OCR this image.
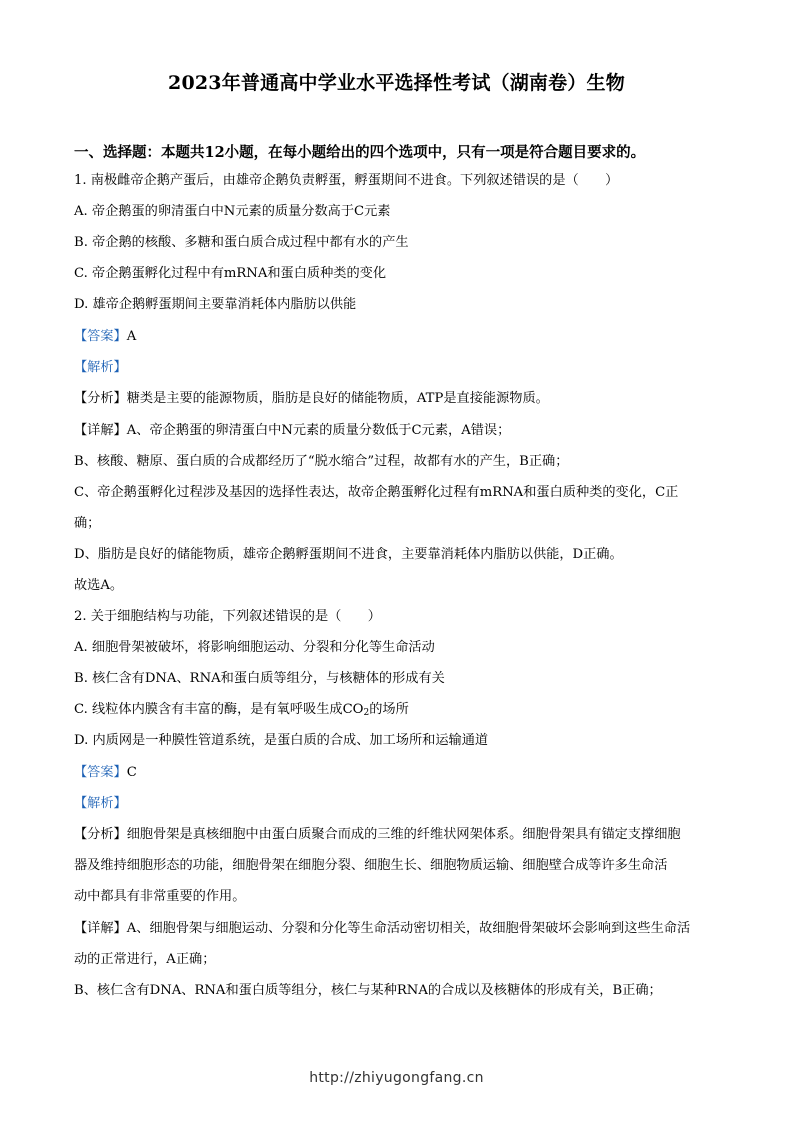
2023年普通高中学业水平选择性考试（湖南卷）生物
一、选择题：本题共12小题，在每小题给出的四个选项中，只有一项是符合题目要求的。
1. 南极雌帝企鹅产蛋后，由雄帝企鹅负责孵蛋，孵蛋期间不进食。下列叙述错误的是（　　）
A. 帝企鹅蛋的卵清蛋白中N元素的质量分数高于C元素
B. 帝企鹅的核酸、多糖和蛋白质合成过程中都有水的产生
C. 帝企鹅蛋孵化过程中有mRNA和蛋白质种类的变化
D. 雄帝企鹅孵蛋期间主要靠消耗体内脂肪以供能
【答案】A
【解析】
【分析】糖类是主要的能源物质，脂肪是良好的储能物质，ATP是直接能源物质。
【详解】A、帝企鹅蛋的卵清蛋白中N元素的质量分数低于C元素，A错误；
B、核酸、糖原、蛋白质的合成都经历了“脱水缩合”过程，故都有水的产生，B正确；
C、帝企鹅蛋孵化过程涉及基因的选择性表达，故帝企鹅蛋孵化过程有mRNA和蛋白质种类的变化，C正
确；
D、脂肪是良好的储能物质，雄帝企鹅孵蛋期间不进食，主要靠消耗体内脂肪以供能，D正确。
故选A。
2. 关于细胞结构与功能，下列叙述错误的是（　　）
A. 细胞骨架被破坏，将影响细胞运动、分裂和分化等生命活动
B. 核仁含有DNA、RNA和蛋白质等组分，与核糖体的形成有关
C. 线粒体内膜含有丰富的酶，是有氧呼吸生成$CO_2$的场所
D. 内质网是一种膜性管道系统，是蛋白质的合成、加工场所和运输通道
【答案】C
【解析】
【分析】细胞骨架是真核细胞中由蛋白质聚合而成的三维的纤维状网架体系。细胞骨架具有锚定支撑细胞
器及维持细胞形态的功能，细胞骨架在细胞分裂、细胞生长、细胞物质运输、细胞壁合成等许多生命活
动中都具有非常重要的作用。
【详解】A、细胞骨架与细胞运动、分裂和分化等生命活动密切相关，故细胞骨架破坏会影响到这些生命活
动的正常进行，A正确；
B、核仁含有DNA、RNA和蛋白质等组分，核仁与某种RNA的合成以及核糖体的形成有关，B正确；
http://zhiyugongfang.cn
